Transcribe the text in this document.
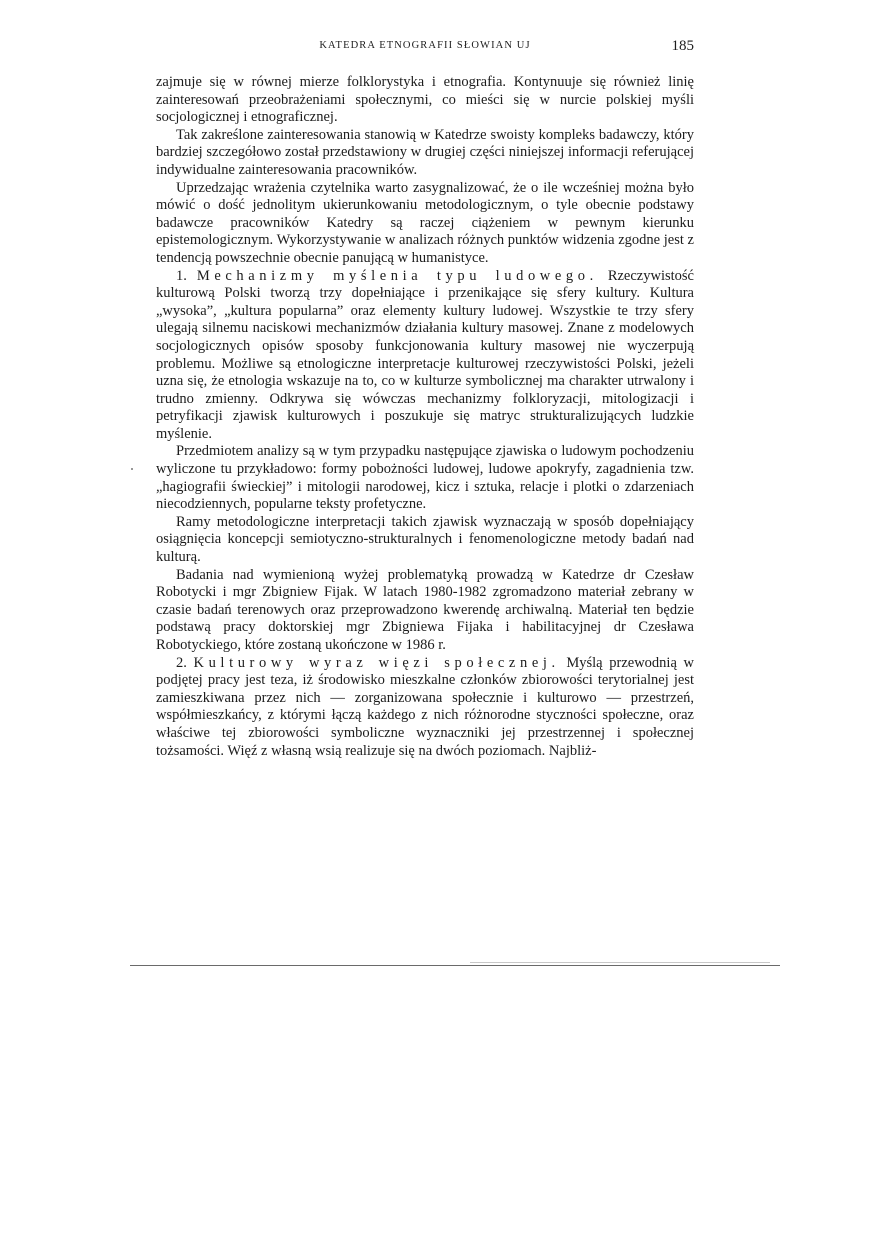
KATEDRA ETNOGRAFII SŁOWIAN UJ	185

zajmuje się w równej mierze folklorystyka i etnografia. Kontynuuje się również linię zainteresowań przeobrażeniami społecznymi, co mieści się w nurcie polskiej myśli socjologicznej i etnograficznej.

Tak zakreślone zainteresowania stanowią w Katedrze swoisty kompleks badawczy, który bardziej szczegółowo został przedstawiony w drugiej części niniejszej informacji referującej indywidualne zainteresowania pracowników.

Uprzedzając wrażenia czytelnika warto zasygnalizować, że o ile wcześniej można było mówić o dość jednolitym ukierunkowaniu metodologicznym, o tyle obecnie podstawy badawcze pracowników Katedry są raczej ciążeniem w pewnym kierunku epistemologicznym. Wykorzystywanie w analizach różnych punktów widzenia zgodne jest z tendencją powszechnie obecnie panującą w humanistyce.

1. Mechanizmy myślenia typu ludowego. Rzeczywistość kulturową Polski tworzą trzy dopełniające i przenikające się sfery kultury. Kultura „wysoka”, „kultura popularna” oraz elementy kultury ludowej. Wszystkie te trzy sfery ulegają silnemu naciskowi mechanizmów działania kultury masowej. Znane z modelowych socjologicznych opisów sposoby funkcjonowania kultury masowej nie wyczerpują problemu. Możliwe są etnologiczne interpretacje kulturowej rzeczywistości Polski, jeżeli uzna się, że etnologia wskazuje na to, co w kulturze symbolicznej ma charakter utrwalony i trudno zmienny. Odkrywa się wówczas mechanizmy folkloryzacji, mitologizacji i petryfikacji zjawisk kulturowych i poszukuje się matryc strukturalizujących ludzkie myślenie.

Przedmiotem analizy są w tym przypadku następujące zjawiska o ludowym pochodzeniu wyliczone tu przykładowo: formy pobożności ludowej, ludowe apokryfy, zagadnienia tzw. „hagiografii świeckiej” i mitologii narodowej, kicz i sztuka, relacje i plotki o zdarzeniach niecodziennych, popularne teksty profetyczne.

Ramy metodologiczne interpretacji takich zjawisk wyznaczają w sposób dopełniający osiągnięcia koncepcji semiotyczno-strukturalnych i fenomenologiczne metody badań nad kulturą.

Badania nad wymienioną wyżej problematyką prowadzą w Katedrze dr Czesław Robotycki i mgr Zbigniew Fijak. W latach 1980-1982 zgromadzono materiał zebrany w czasie badań terenowych oraz przeprowadzono kwerendę archiwalną. Materiał ten będzie podstawą pracy doktorskiej mgr Zbigniewa Fijaka i habilitacyjnej dr Czesława Robotyckiego, które zostaną ukończone w 1986 r.

2. Kulturowy wyraz więzi społecznej. Myślą przewodnią w podjętej pracy jest teza, iż środowisko mieszkalne członków zbiorowości terytorialnej jest zamieszkiwana przez nich — zorganizowana społecznie i kulturowo — przestrzeń, współmieszkańcy, z którymi łączą każdego z nich różnorodne styczności społeczne, oraz właściwe tej zbiorowości symboliczne wyznaczniki jej przestrzennej i społecznej tożsamości. Więź z własną wsią realizuje się na dwóch poziomach. Najbliż-
